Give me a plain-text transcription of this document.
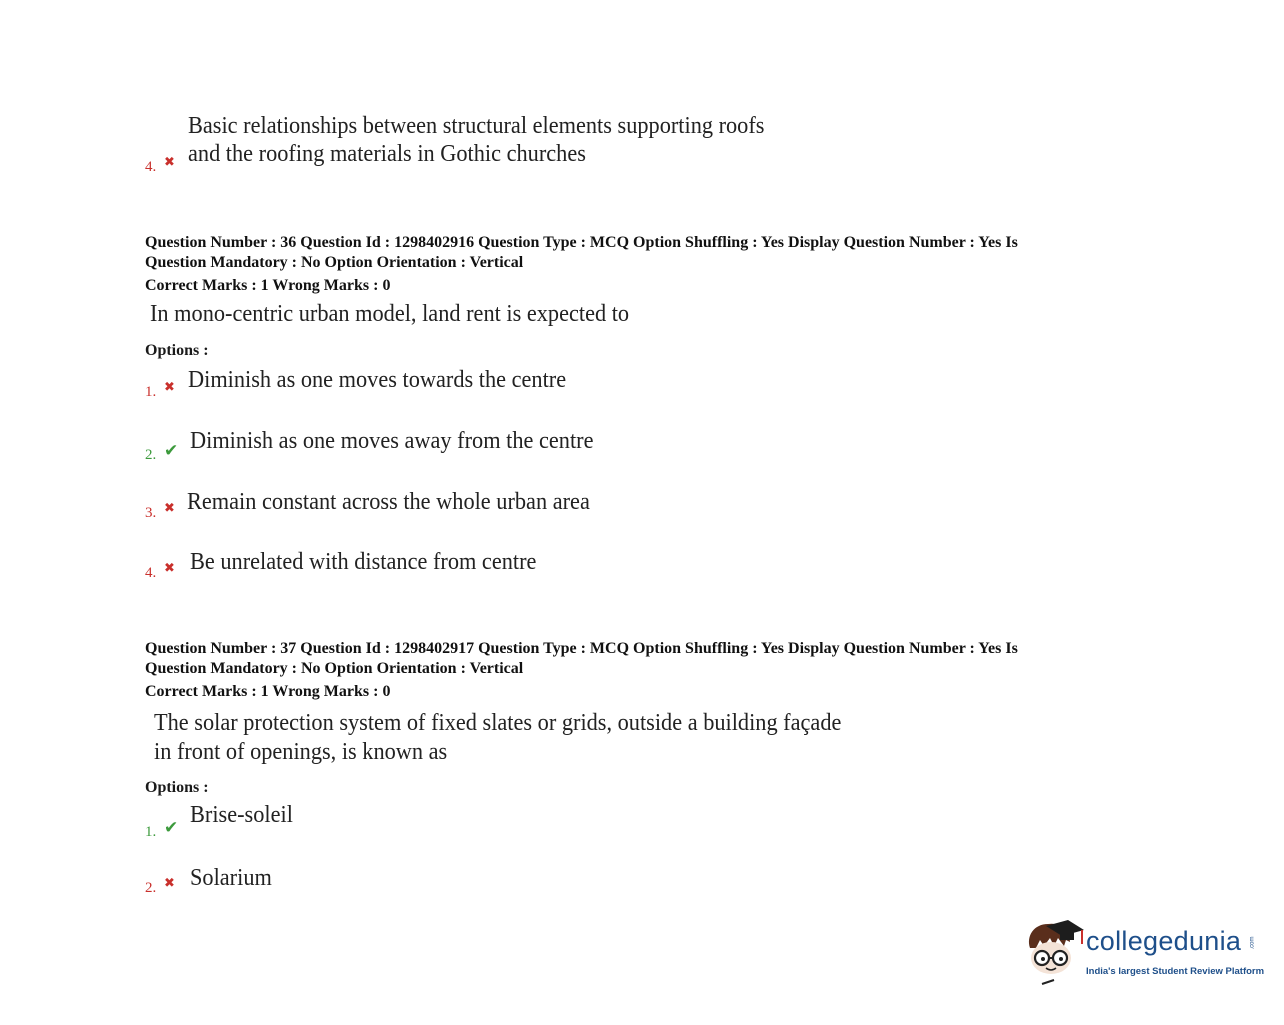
Basic relationships between structural elements supporting roofs
and the roofing materials in Gothic churches
4. ✖
Question Number : 36 Question Id : 1298402916 Question Type : MCQ Option Shuffling : Yes Display Question Number : Yes Is
Question Mandatory : No Option Orientation : Vertical
Correct Marks : 1 Wrong Marks : 0
In mono-centric urban model, land rent is expected to
Options :
1. ✖ Diminish as one moves towards the centre
2. ✔ Diminish as one moves away from the centre
3. ✖ Remain constant across the whole urban area
4. ✖ Be unrelated with distance from centre
Question Number : 37 Question Id : 1298402917 Question Type : MCQ Option Shuffling : Yes Display Question Number : Yes Is
Question Mandatory : No Option Orientation : Vertical
Correct Marks : 1 Wrong Marks : 0
The solar protection system of fixed slates or grids, outside a building façade
in front of openings, is known as
Options :
1. ✔ Brise-soleil
2. ✖ Solarium
collegedunia .com
India's largest Student Review Platform
